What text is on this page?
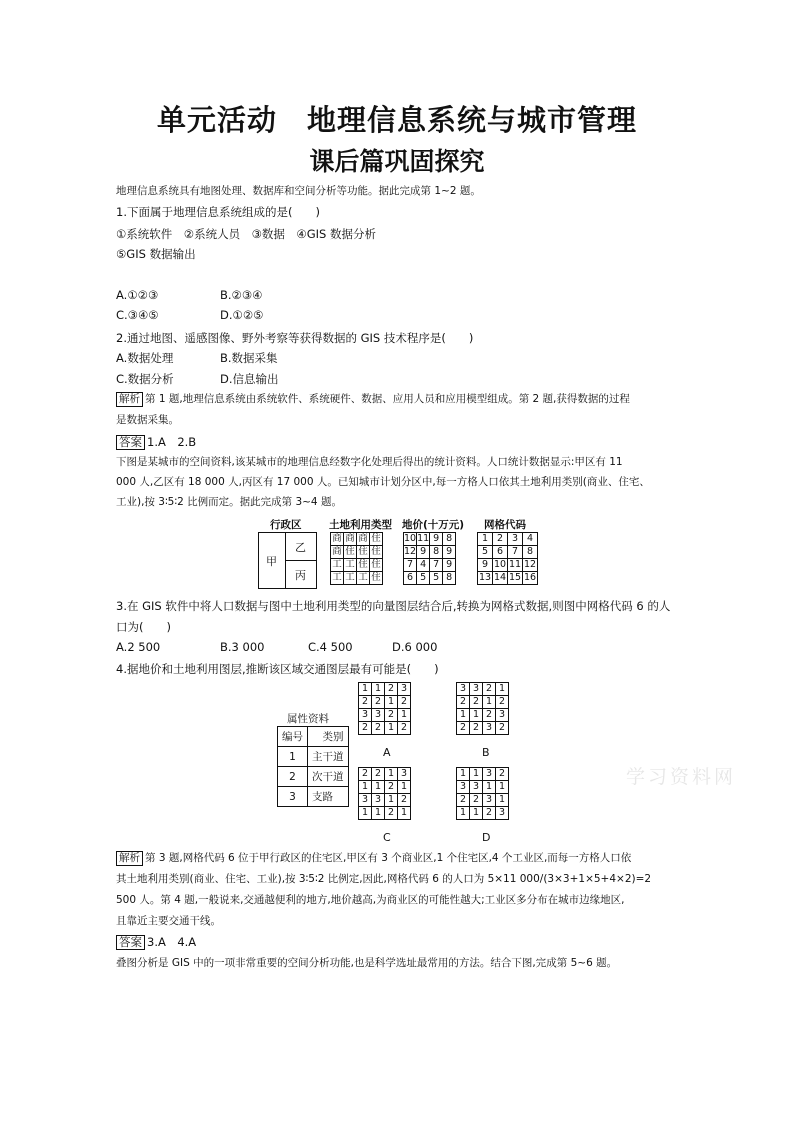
单元活动　地理信息系统与城市管理
课后篇巩固探究
地理信息系统具有地图处理、数据库和空间分析等功能。据此完成第 1~2 题。
1.下面属于地理信息系统组成的是(　　)
①系统软件　②系统人员　③数据　④GIS 数据分析
⑤GIS 数据输出
A.①②③	B.②③④
C.③④⑤	D.①②⑤
2.通过地图、遥感图像、野外考察等获得数据的 GIS 技术程序是(　　)
A.数据处理	B.数据采集
C.数据分析	D.信息输出
解析 第 1 题,地理信息系统由系统软件、系统硬件、数据、应用人员和应用模型组成。第 2 题,获得数据的过程
是数据采集。
答案 1.A　2.B
下图是某城市的空间资料,该某城市的地理信息经数字化处理后得出的统计资料。人口统计数据显示:甲区有 11
000 人,乙区有 18 000 人,丙区有 17 000 人。已知城市计划分区中,每一方格人口依其土地利用类别(商业、住宅、
工业),按 3∶5∶2 比例而定。据此完成第 3~4 题。
行政区	土地利用类型 地价(十万元) 网格代码
甲
乙
丙
商	商	商	住
商	住	住	住
工	工	住	住
工	工	工	住
10	11	9	8
12	9	8	9
7	4	7	9
6	5	5	8
1	2	3	4
5	6	7	8
9	10	11	12
13	14	15	16
3.在 GIS 软件中将人口数据与图中土地利用类型的向量图层结合后,转换为网格式数据,则图中网格代码 6 的人
口为(　　)
A.2 500	B.3 000	C.4 500	D.6 000
4.据地价和土地利用图层,推断该区域交通图层最有可能是(　　)
属性资料
编号	类别
1	主干道
2	次干道
3	支路
1	1	2	3
2	2	1	2
3	3	2	1
2	2	1	2
3	3	2	1
2	2	1	2
1	1	2	3
2	2	3	2
2	2	1	3
1	1	2	1
3	3	1	2
1	1	2	1
1	1	3	2
3	3	1	1
2	2	3	1
1	1	2	3
A	B
C	D
学习资料网
解析 第 3 题,网格代码 6 位于甲行政区的住宅区,甲区有 3 个商业区,1 个住宅区,4 个工业区,而每一方格人口依
其土地利用类别(商业、住宅、工业),按 3∶5∶2 比例定,因此,网格代码 6 的人口为 5×11 000/(3×3+1×5+4×2)=2
500 人。第 4 题,一般说来,交通越便利的地方,地价越高,为商业区的可能性越大;工业区多分布在城市边缘地区,
且靠近主要交通干线。
答案 3.A　4.A
叠图分析是 GIS 中的一项非常重要的空间分析功能,也是科学选址最常用的方法。结合下图,完成第 5~6 题。
